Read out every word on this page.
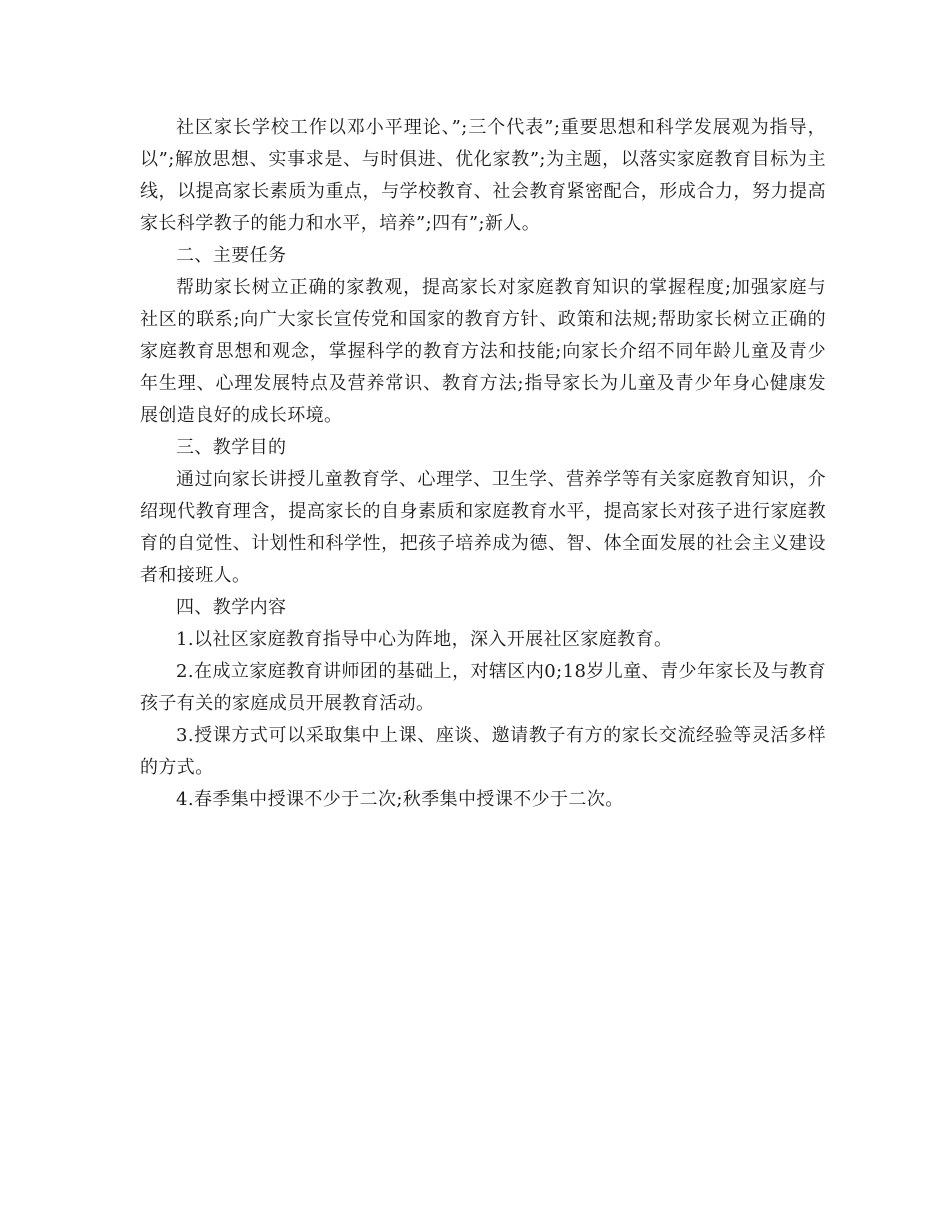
社区家长学校工作以邓小平理论、”;三个代表”;重要思想和科学发展观为指导，以”;解放思想、实事求是、与时俱进、优化家教”;为主题，以落实家庭教育目标为主线，以提高家长素质为重点，与学校教育、社会教育紧密配合，形成合力，努力提高家长科学教子的能力和水平，培养”;四有”;新人。

二、主要任务

帮助家长树立正确的家教观，提高家长对家庭教育知识的掌握程度;加强家庭与社区的联系;向广大家长宣传党和国家的教育方针、政策和法规;帮助家长树立正确的家庭教育思想和观念，掌握科学的教育方法和技能;向家长介绍不同年龄儿童及青少年生理、心理发展特点及营养常识、教育方法;指导家长为儿童及青少年身心健康发展创造良好的成长环境。

三、教学目的

通过向家长讲授儿童教育学、心理学、卫生学、营养学等有关家庭教育知识，介绍现代教育理含，提高家长的自身素质和家庭教育水平，提高家长对孩子进行家庭教育的自觉性、计划性和科学性，把孩子培养成为德、智、体全面发展的社会主义建设者和接班人。

四、教学内容

1.以社区家庭教育指导中心为阵地，深入开展社区家庭教育。

2.在成立家庭教育讲师团的基础上，对辖区内0;18岁儿童、青少年家长及与教育孩子有关的家庭成员开展教育活动。

3.授课方式可以采取集中上课、座谈、邀请教子有方的家长交流经验等灵活多样的方式。

4.春季集中授课不少于二次;秋季集中授课不少于二次。
